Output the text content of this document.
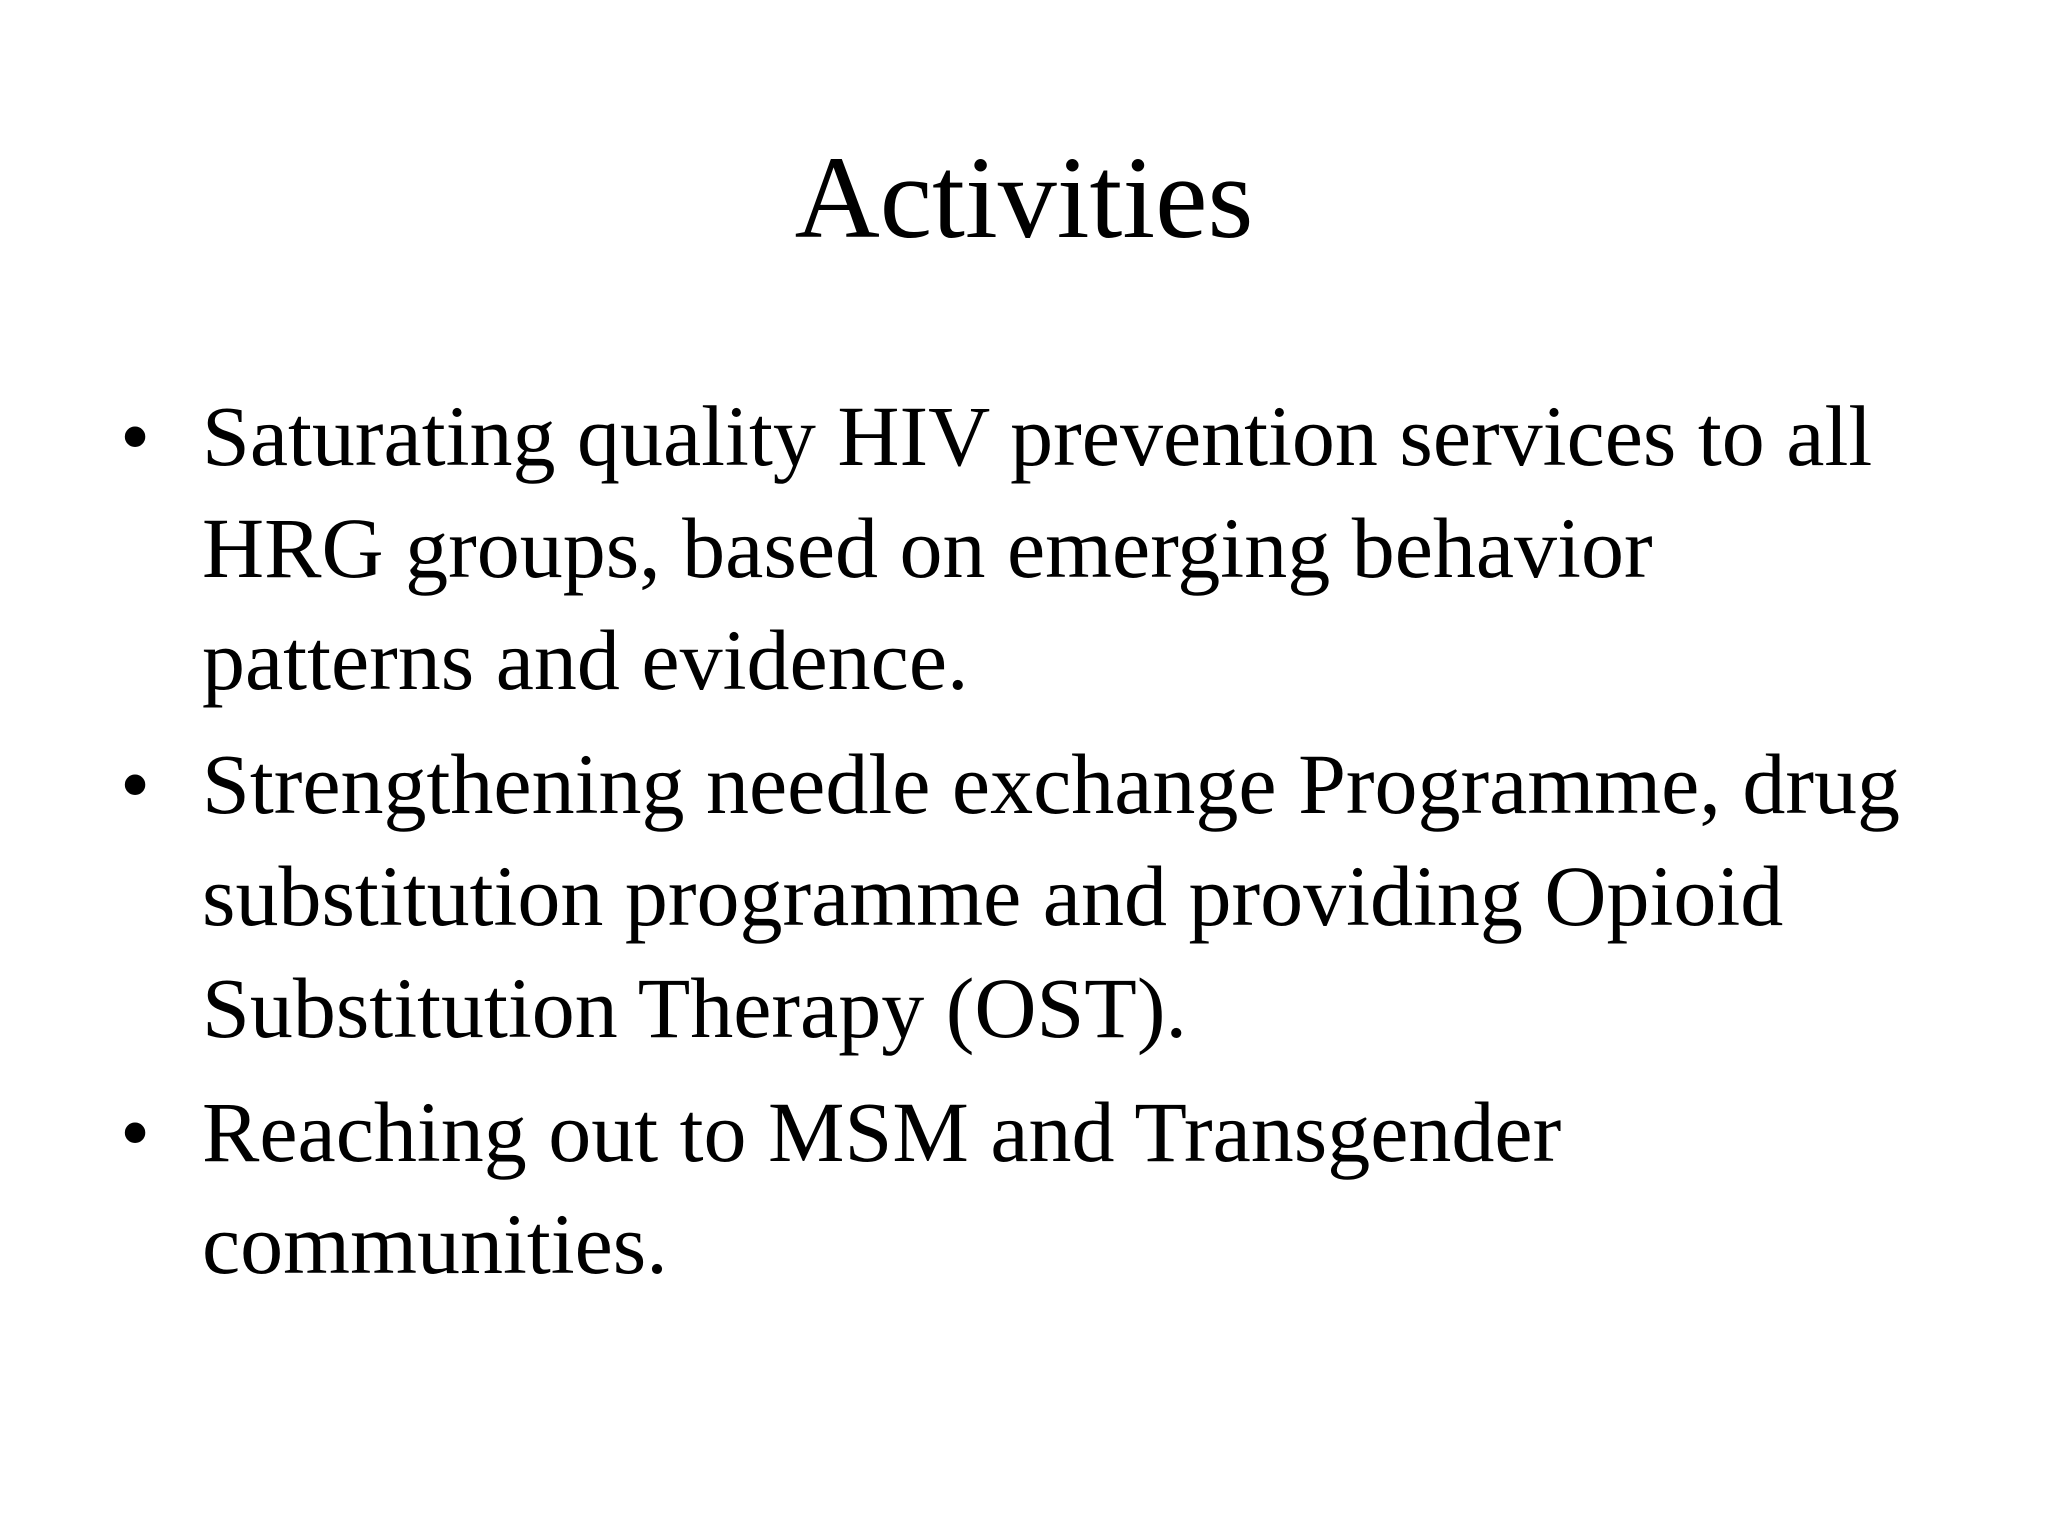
Activities
• Saturating quality HIV prevention services to all HRG groups, based on emerging behavior patterns and evidence.
• Strengthening needle exchange Programme, drug substitution programme and providing Opioid Substitution Therapy (OST).
• Reaching out to MSM and Transgender communities.
